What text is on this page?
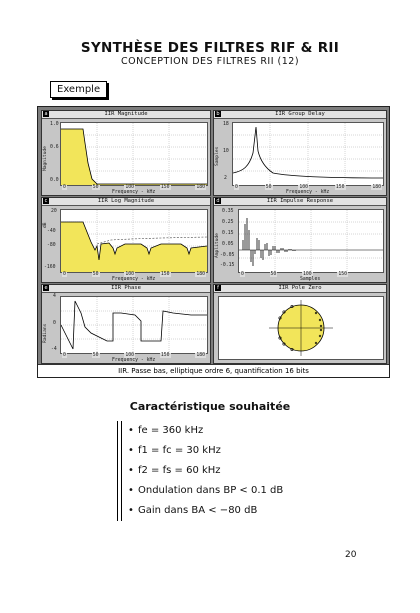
SYNTHÈSE DES FILTRES RIF & RII
CONCEPTION DES FILTRES RII (12)
Exemple
IIR Magnitude
a
1.0
0.6
0.0
0	50	100	150	180
Frequency - kHz
Magnitude
IIR Group Delay
b
18
10
2
0	50	100	150	180
Frequency - kHz
Samples
IIR Log Magnitude
c
20
-40
-80
-160
0	50	100	150	180
Frequency - kHz
dB
IIR Impulse Response
d
0.35
0.25
0.15
0.05
-0.05
-0.15
0	50	100	150
Samples
Amplitude
IIR Phase
e
4
0
-4
0	50	100	150	180
Frequency - kHz
Radians
IIR Pole Zero
f
IIR. Passe bas, elliptique ordre 6, quantification 16 bits
Caractéristique souhaitée
• fe = 360 kHz
• f1 = fc = 30 kHz
• f2 = fs = 60 kHz
• Ondulation dans BP < 0.1 dB
• Gain dans BA < −80 dB
20
